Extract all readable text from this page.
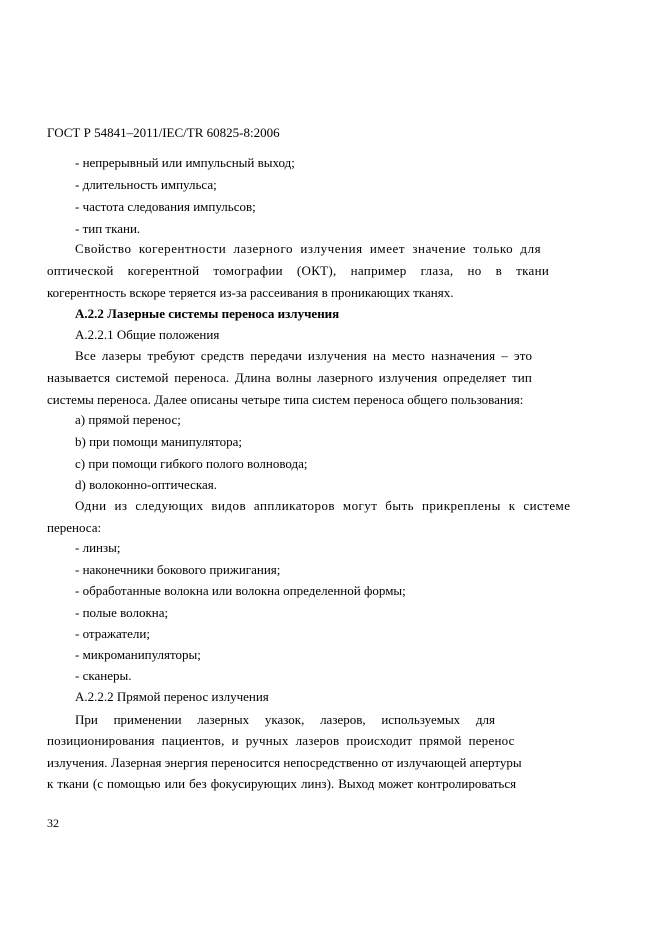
ГОСТ Р 54841–2011/IEC/TR 60825-8:2006
- непрерывный или импульсный выход;
- длительность импульса;
- частота следования импульсов;
- тип ткани.
Свойство когерентности лазерного излучения имеет значение только для
оптической когерентной томографии (ОКТ), например глаза, но в ткани
когерентность вскоре теряется из-за рассеивания в проникающих тканях.
А.2.2 Лазерные системы переноса излучения
А.2.2.1 Общие положения
Все лазеры требуют средств передачи излучения на место назначения – это
называется системой переноса. Длина волны лазерного излучения определяет тип
системы переноса. Далее описаны четыре типа систем переноса общего пользования:
a) прямой перенос;
b) при помощи манипулятора;
c) при помощи гибкого полого волновода;
d) волоконно-оптическая.
Одни из следующих видов аппликаторов могут быть прикреплены к системе
переноса:
- линзы;
- наконечники бокового прижигания;
- обработанные волокна или волокна определенной формы;
- полые волокна;
- отражатели;
- микроманипуляторы;
- сканеры.
А.2.2.2 Прямой перенос излучения
При применении лазерных указок, лазеров, используемых для
позиционирования пациентов, и ручных лазеров происходит прямой перенос
излучения. Лазерная энергия переносится непосредственно от излучающей апертуры
к ткани (с помощью или без фокусирующих линз). Выход может контролироваться
32
